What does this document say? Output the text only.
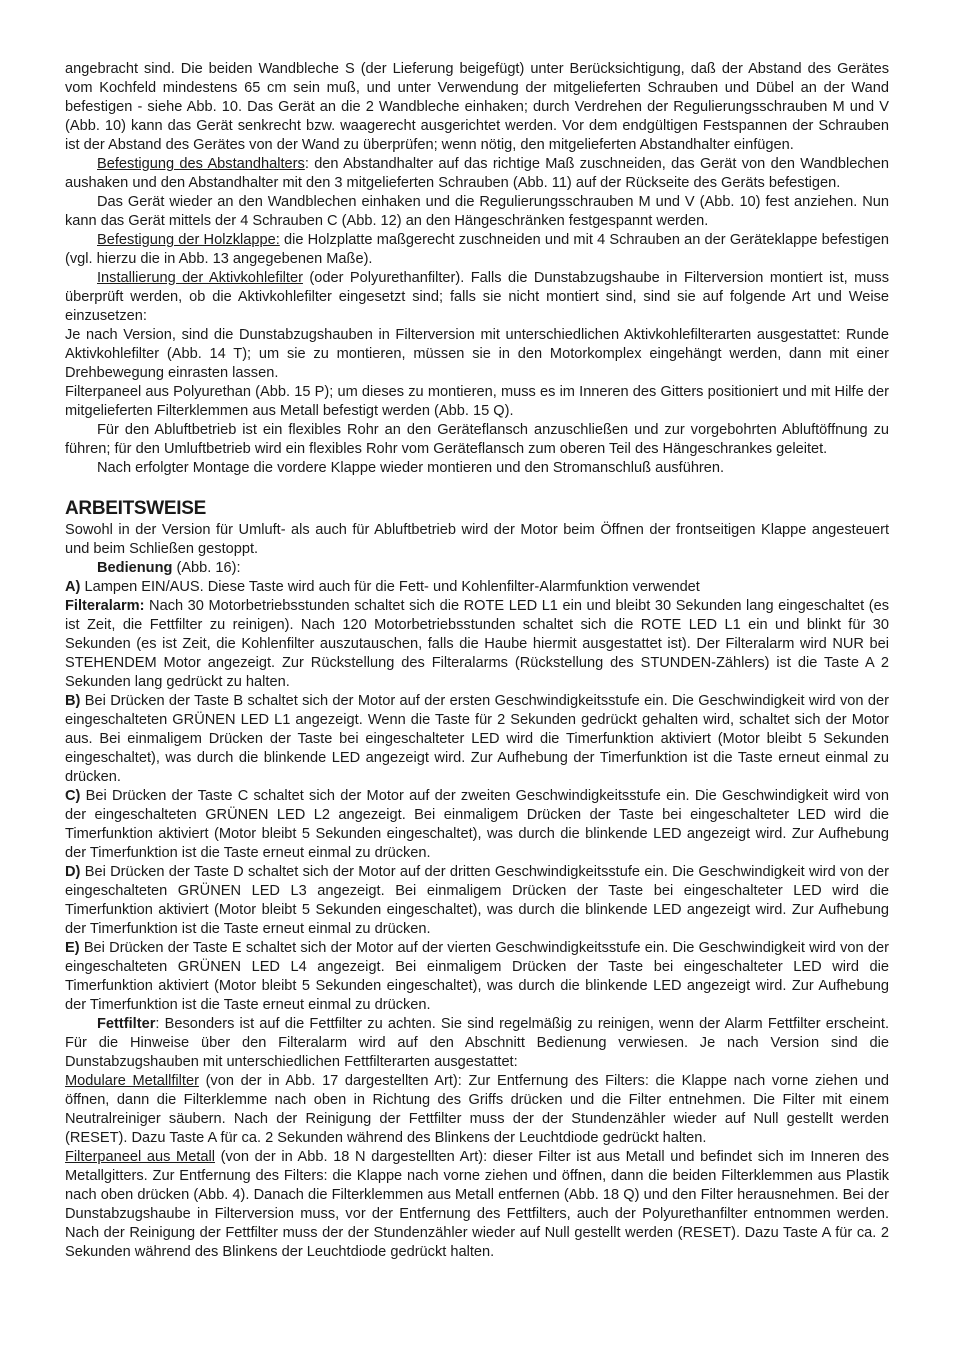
angebracht sind. Die beiden Wandbleche S (der Lieferung beigefügt) unter Berücksichtigung, daß der Abstand des Gerätes vom Kochfeld mindestens 65 cm sein muß, und unter Verwendung der mitgelieferten Schrauben und Dübel an der Wand befestigen - siehe Abb. 10. Das Gerät an die 2 Wandbleche einhaken; durch Verdrehen der Regulierungsschrauben M und V (Abb. 10) kann das Gerät senkrecht bzw. waagerecht ausgerichtet werden. Vor dem endgültigen Festspannen der Schrauben ist der Abstand des Gerätes von der Wand zu überprüfen; wenn nötig, den mitgelieferten Abstandhalter einfügen.

Befestigung des Abstandhalters: den Abstandhalter auf das richtige Maß zuschneiden, das Gerät von den Wandblechen aushaken und den Abstandhalter mit den 3 mitgelieferten Schrauben (Abb. 11) auf der Rückseite des Geräts befestigen.

Das Gerät wieder an den Wandblechen einhaken und die Regulierungsschrauben M und V (Abb. 10) fest anziehen. Nun kann das Gerät mittels der 4 Schrauben C (Abb. 12) an den Hängeschränken festgespannt werden.

Befestigung der Holzklappe: die Holzplatte maßgerecht zuschneiden und mit 4 Schrauben an der Geräteklappe befestigen (vgl. hierzu die in Abb. 13 angegebenen Maße).

Installierung der Aktivkohlefilter (oder Polyurethanfilter). Falls die Dunstabzugshaube in Filterversion montiert ist, muss überprüft werden, ob die Aktivkohlefilter eingesetzt sind; falls sie nicht montiert sind, sind sie auf folgende Art und Weise einzusetzen:

Je nach Version, sind die Dunstabzugshauben in Filterversion mit unterschiedlichen Aktivkohlefilterarten ausgestattet: Runde Aktivkohlefilter (Abb. 14 T); um sie zu montieren, müssen sie in den Motorkomplex eingehängt werden, dann mit einer Drehbewegung einrasten lassen.

Filterpaneel aus Polyurethan (Abb. 15 P); um dieses zu montieren, muss es im Inneren des Gitters positioniert und mit Hilfe der mitgelieferten Filterklemmen aus Metall befestigt werden (Abb. 15 Q).

Für den Abluftbetrieb ist ein flexibles Rohr an den Geräteflansch anzuschließen und zur vorgebohrten Abluftöffnung zu führen; für den Umluftbetrieb wird ein flexibles Rohr vom Geräteflansch zum oberen Teil des Hängeschrankes geleitet.

Nach erfolgter Montage die vordere Klappe wieder montieren und den Stromanschluß ausführen.

ARBEITSWEISE

Sowohl in der Version für Umluft- als auch für Abluftbetrieb wird der Motor beim Öffnen der frontseitigen Klappe angesteuert und beim Schließen gestoppt.

Bedienung (Abb. 16):

A) Lampen EIN/AUS. Diese Taste wird auch für die Fett- und Kohlenfilter-Alarmfunktion verwendet

Filteralarm: Nach 30 Motorbetriebsstunden schaltet sich die ROTE LED L1 ein und bleibt 30 Sekunden lang eingeschaltet (es ist Zeit, die Fettfilter zu reinigen). Nach 120 Motorbetriebsstunden schaltet sich die ROTE LED L1 ein und blinkt für 30 Sekunden (es ist Zeit, die Kohlenfilter auszutauschen, falls die Haube hiermit ausgestattet ist). Der Filteralarm wird NUR bei STEHENDEM Motor angezeigt. Zur Rückstellung des Filteralarms (Rückstellung des STUNDEN-Zählers) ist die Taste A 2 Sekunden lang gedrückt zu halten.

B) Bei Drücken der Taste B schaltet sich der Motor auf der ersten Geschwindigkeitsstufe ein. Die Geschwindigkeit wird von der eingeschalteten GRÜNEN LED L1 angezeigt. Wenn die Taste für 2 Sekunden gedrückt gehalten wird, schaltet sich der Motor aus. Bei einmaligem Drücken der Taste bei eingeschalteter LED wird die Timerfunktion aktiviert (Motor bleibt 5 Sekunden eingeschaltet), was durch die blinkende LED angezeigt wird. Zur Aufhebung der Timerfunktion ist die Taste erneut einmal zu drücken.

C) Bei Drücken der Taste C schaltet sich der Motor auf der zweiten Geschwindigkeitsstufe ein. Die Geschwindigkeit wird von der eingeschalteten GRÜNEN LED L2 angezeigt. Bei einmaligem Drücken der Taste bei eingeschalteter LED wird die Timerfunktion aktiviert (Motor bleibt 5 Sekunden eingeschaltet), was durch die blinkende LED angezeigt wird. Zur Aufhebung der Timerfunktion ist die Taste erneut einmal zu drücken.

D) Bei Drücken der Taste D schaltet sich der Motor auf der dritten Geschwindigkeitsstufe ein. Die Geschwindigkeit wird von der eingeschalteten GRÜNEN LED L3 angezeigt. Bei einmaligem Drücken der Taste bei eingeschalteter LED wird die Timerfunktion aktiviert (Motor bleibt 5 Sekunden eingeschaltet), was durch die blinkende LED angezeigt wird. Zur Aufhebung der Timerfunktion ist die Taste erneut einmal zu drücken.

E) Bei Drücken der Taste E schaltet sich der Motor auf der vierten Geschwindigkeitsstufe ein. Die Geschwindigkeit wird von der eingeschalteten GRÜNEN LED L4 angezeigt. Bei einmaligem Drücken der Taste bei eingeschalteter LED wird die Timerfunktion aktiviert (Motor bleibt 5 Sekunden eingeschaltet), was durch die blinkende LED angezeigt wird. Zur Aufhebung der Timerfunktion ist die Taste erneut einmal zu drücken.

Fettfilter: Besonders ist auf die Fettfilter zu achten. Sie sind regelmäßig zu reinigen, wenn der Alarm Fettfilter erscheint. Für die Hinweise über den Filteralarm wird auf den Abschnitt Bedienung verwiesen. Je nach Version sind die Dunstabzugshauben mit unterschiedlichen Fettfilterarten ausgestattet:

Modulare Metallfilter (von der in Abb. 17 dargestellten Art): Zur Entfernung des Filters: die Klappe nach vorne ziehen und öffnen, dann die Filterklemme nach oben in Richtung des Griffs drücken und die Filter entnehmen. Die Filter mit einem Neutralreiniger säubern. Nach der Reinigung der Fettfilter muss der der Stundenzähler wieder auf Null gestellt werden (RESET). Dazu Taste A für ca. 2 Sekunden während des Blinkens der Leuchtdiode gedrückt halten.

Filterpaneel aus Metall (von der in Abb. 18 N dargestellten Art): dieser Filter ist aus Metall und befindet sich im Inneren des Metallgitters. Zur Entfernung des Filters: die Klappe nach vorne ziehen und öffnen, dann die beiden Filterklemmen aus Plastik nach oben drücken (Abb. 4). Danach die Filterklemmen aus Metall entfernen (Abb. 18 Q) und den Filter herausnehmen. Bei der Dunstabzugshaube in Filterversion muss, vor der Entfernung des Fettfilters, auch der Polyurethanfilter entnommen werden. Nach der Reinigung der Fettfilter muss der der Stundenzähler wieder auf Null gestellt werden (RESET). Dazu Taste A für ca. 2 Sekunden während des Blinkens der Leuchtdiode gedrückt halten.
